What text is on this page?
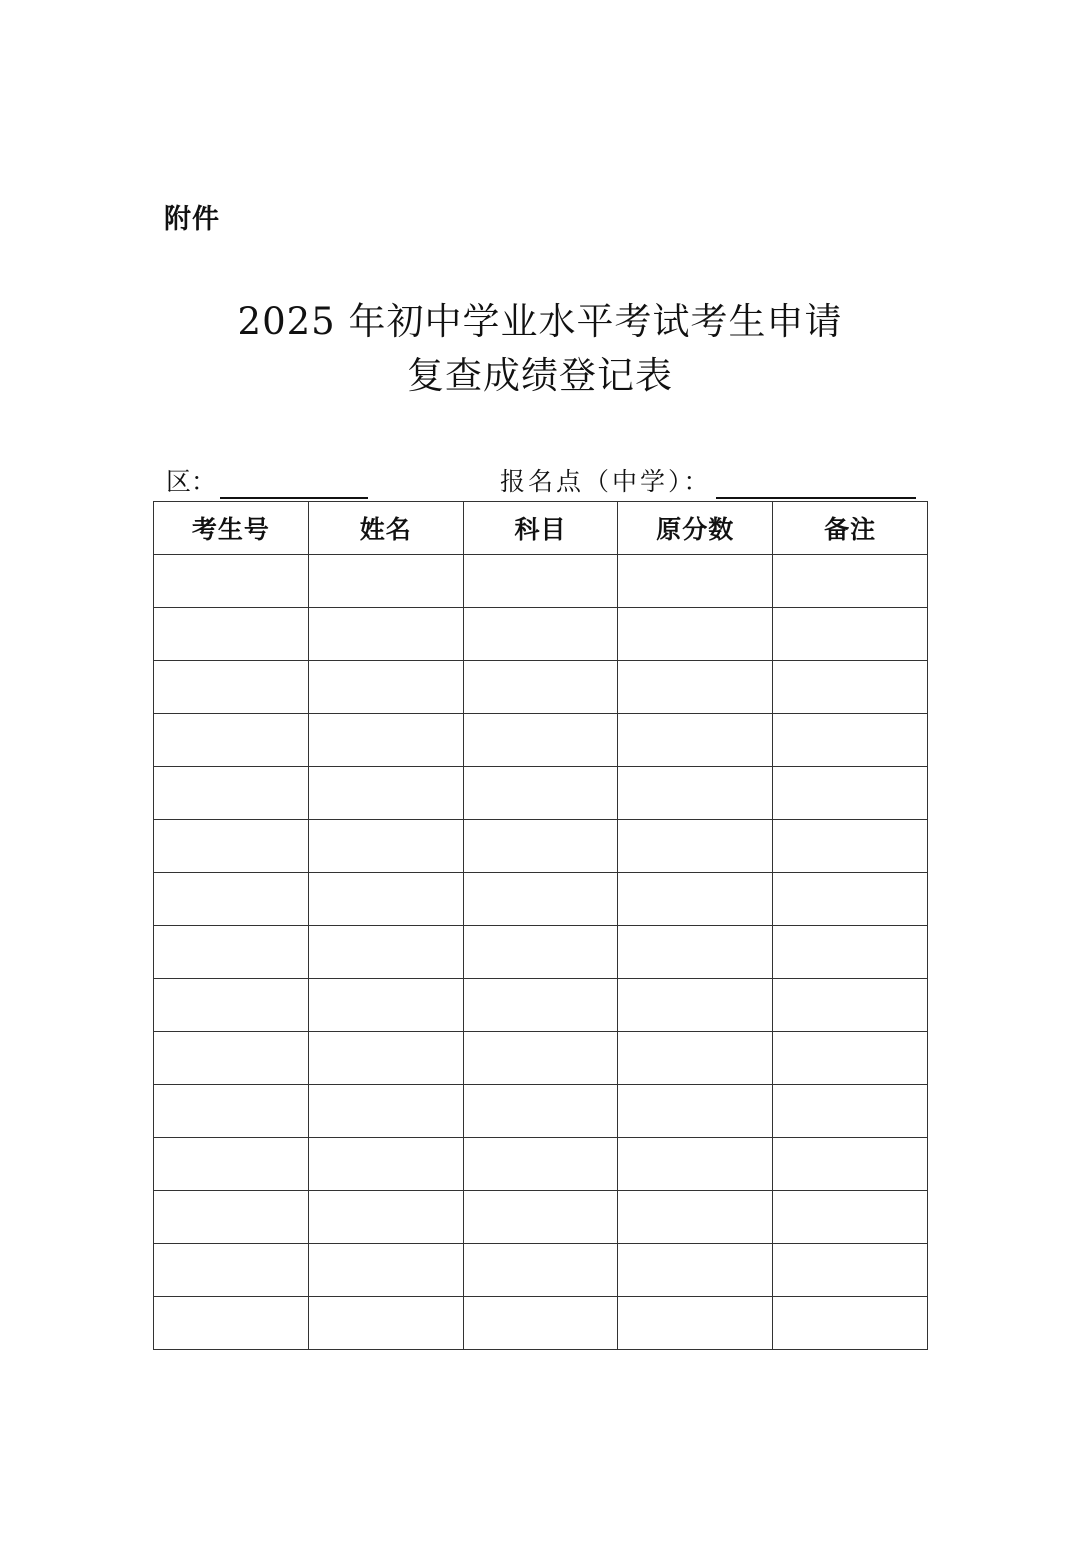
附件
2025 年初中学业水平考试考生申请
复查成绩登记表
区：	报名点（中学）：
考生号	姓名	科目	原分数	备注
